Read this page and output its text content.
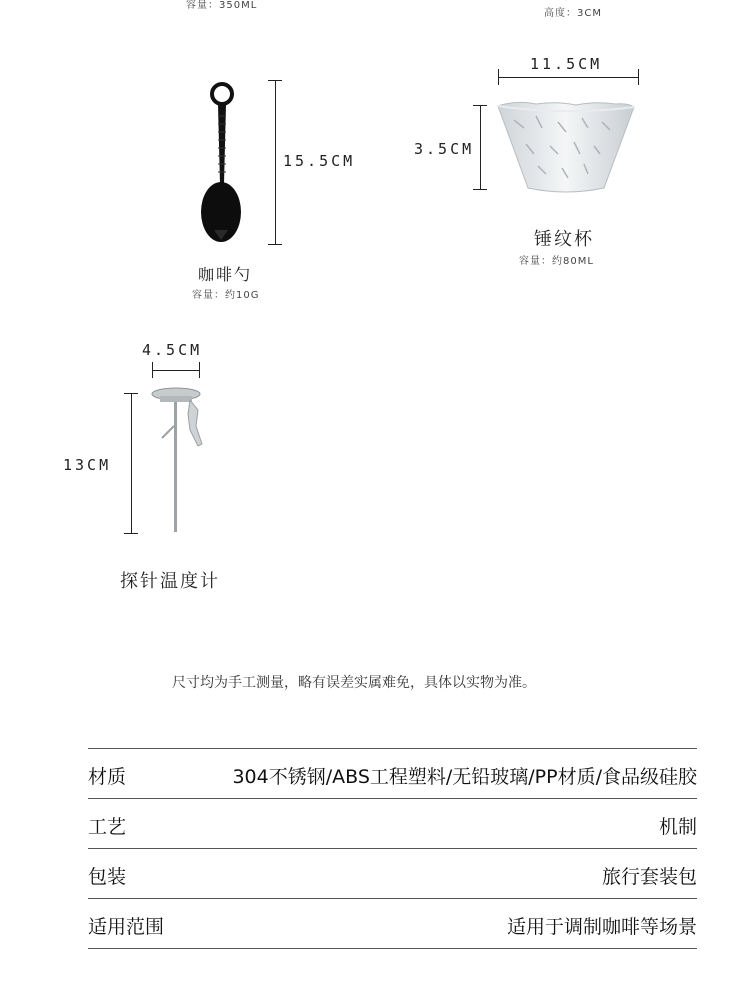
容量：350ML
高度：3CM
15.5CM
咖啡勺
容量：约10G
11.5CM
3.5CM
锤纹杯
容量：约80ML
4.5CM
13CM
探针温度计
尺寸均为手工测量，略有误差实属难免，具体以实物为准。
材质	304不锈钢/ABS工程塑料/无铅玻璃/PP材质/食品级硅胶
工艺	机制
包装	旅行套装包
适用范围	适用于调制咖啡等场景
